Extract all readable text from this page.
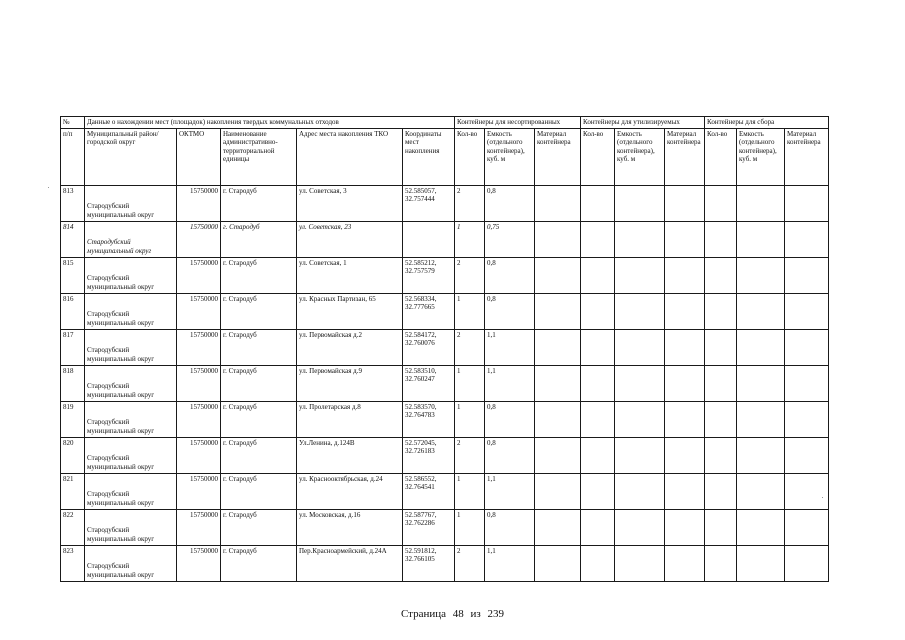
№	Данные о нахождении мест (площадок) накопления твердых коммунальных отходов					Контейнеры для несортированных			Контейнеры для утилизируемых			Контейнеры для сбора		
п/п	Муниципальный район/городской округ	ОКТМО	Наименование административно-территориальной единицы	Адрес места накопления ТКО	Координаты мест накопления	Кол-во	Емкость (отдельного контейнера), куб. м	Материал контейнера	Кол-во	Емкость (отдельного контейнера), куб. м	Материал контейнера	Кол-во	Емкость (отдельного контейнера), куб. м	Материал контейнера
813	Стародубский муниципальный округ	15750000	г. Стародуб	ул. Советская, 3	52.585057, 32.757444	2	0,8							
814	Стародубский муниципальный округ	15750000	г. Стародуб	ул. Советская, 23		1	0,75							
815	Стародубский муниципальный округ	15750000	г. Стародуб	ул. Советская, 1	52.585212, 32.757579	2	0,8							
816	Стародубский муниципальный округ	15750000	г. Стародуб	ул. Красных Партизан, 65	52.568334, 32.777665	1	0,8							
817	Стародубский муниципальный округ	15750000	г. Стародуб	ул. Первомайская д.2	52.584172, 32.760076	2	1,1							
818	Стародубский муниципальный округ	15750000	г. Стародуб	ул. Первомайская д.9	52.583510, 32.760247	1	1,1							
819	Стародубский муниципальный округ	15750000	г. Стародуб	ул. Пролетарская д.8	52.583570, 32.764783	1	0,8							
820	Стародубский муниципальный округ	15750000	г. Стародуб	Ул.Ленина, д.124В	52.572045, 32.726183	2	0,8							
821	Стародубский муниципальный округ	15750000	г. Стародуб	ул. Краснооктябрьская, д.24	52.586552, 32.764541	1	1,1							
822	Стародубский муниципальный округ	15750000	г. Стародуб	ул. Московская, д.16	52.587767, 32.762286	1	0,8							
823	Стародубский муниципальный округ	15750000	г. Стародуб	Пер.Красноармейский, д.24А	52.591812, 32.766105	2	1,1							
Страница 48 из 239
